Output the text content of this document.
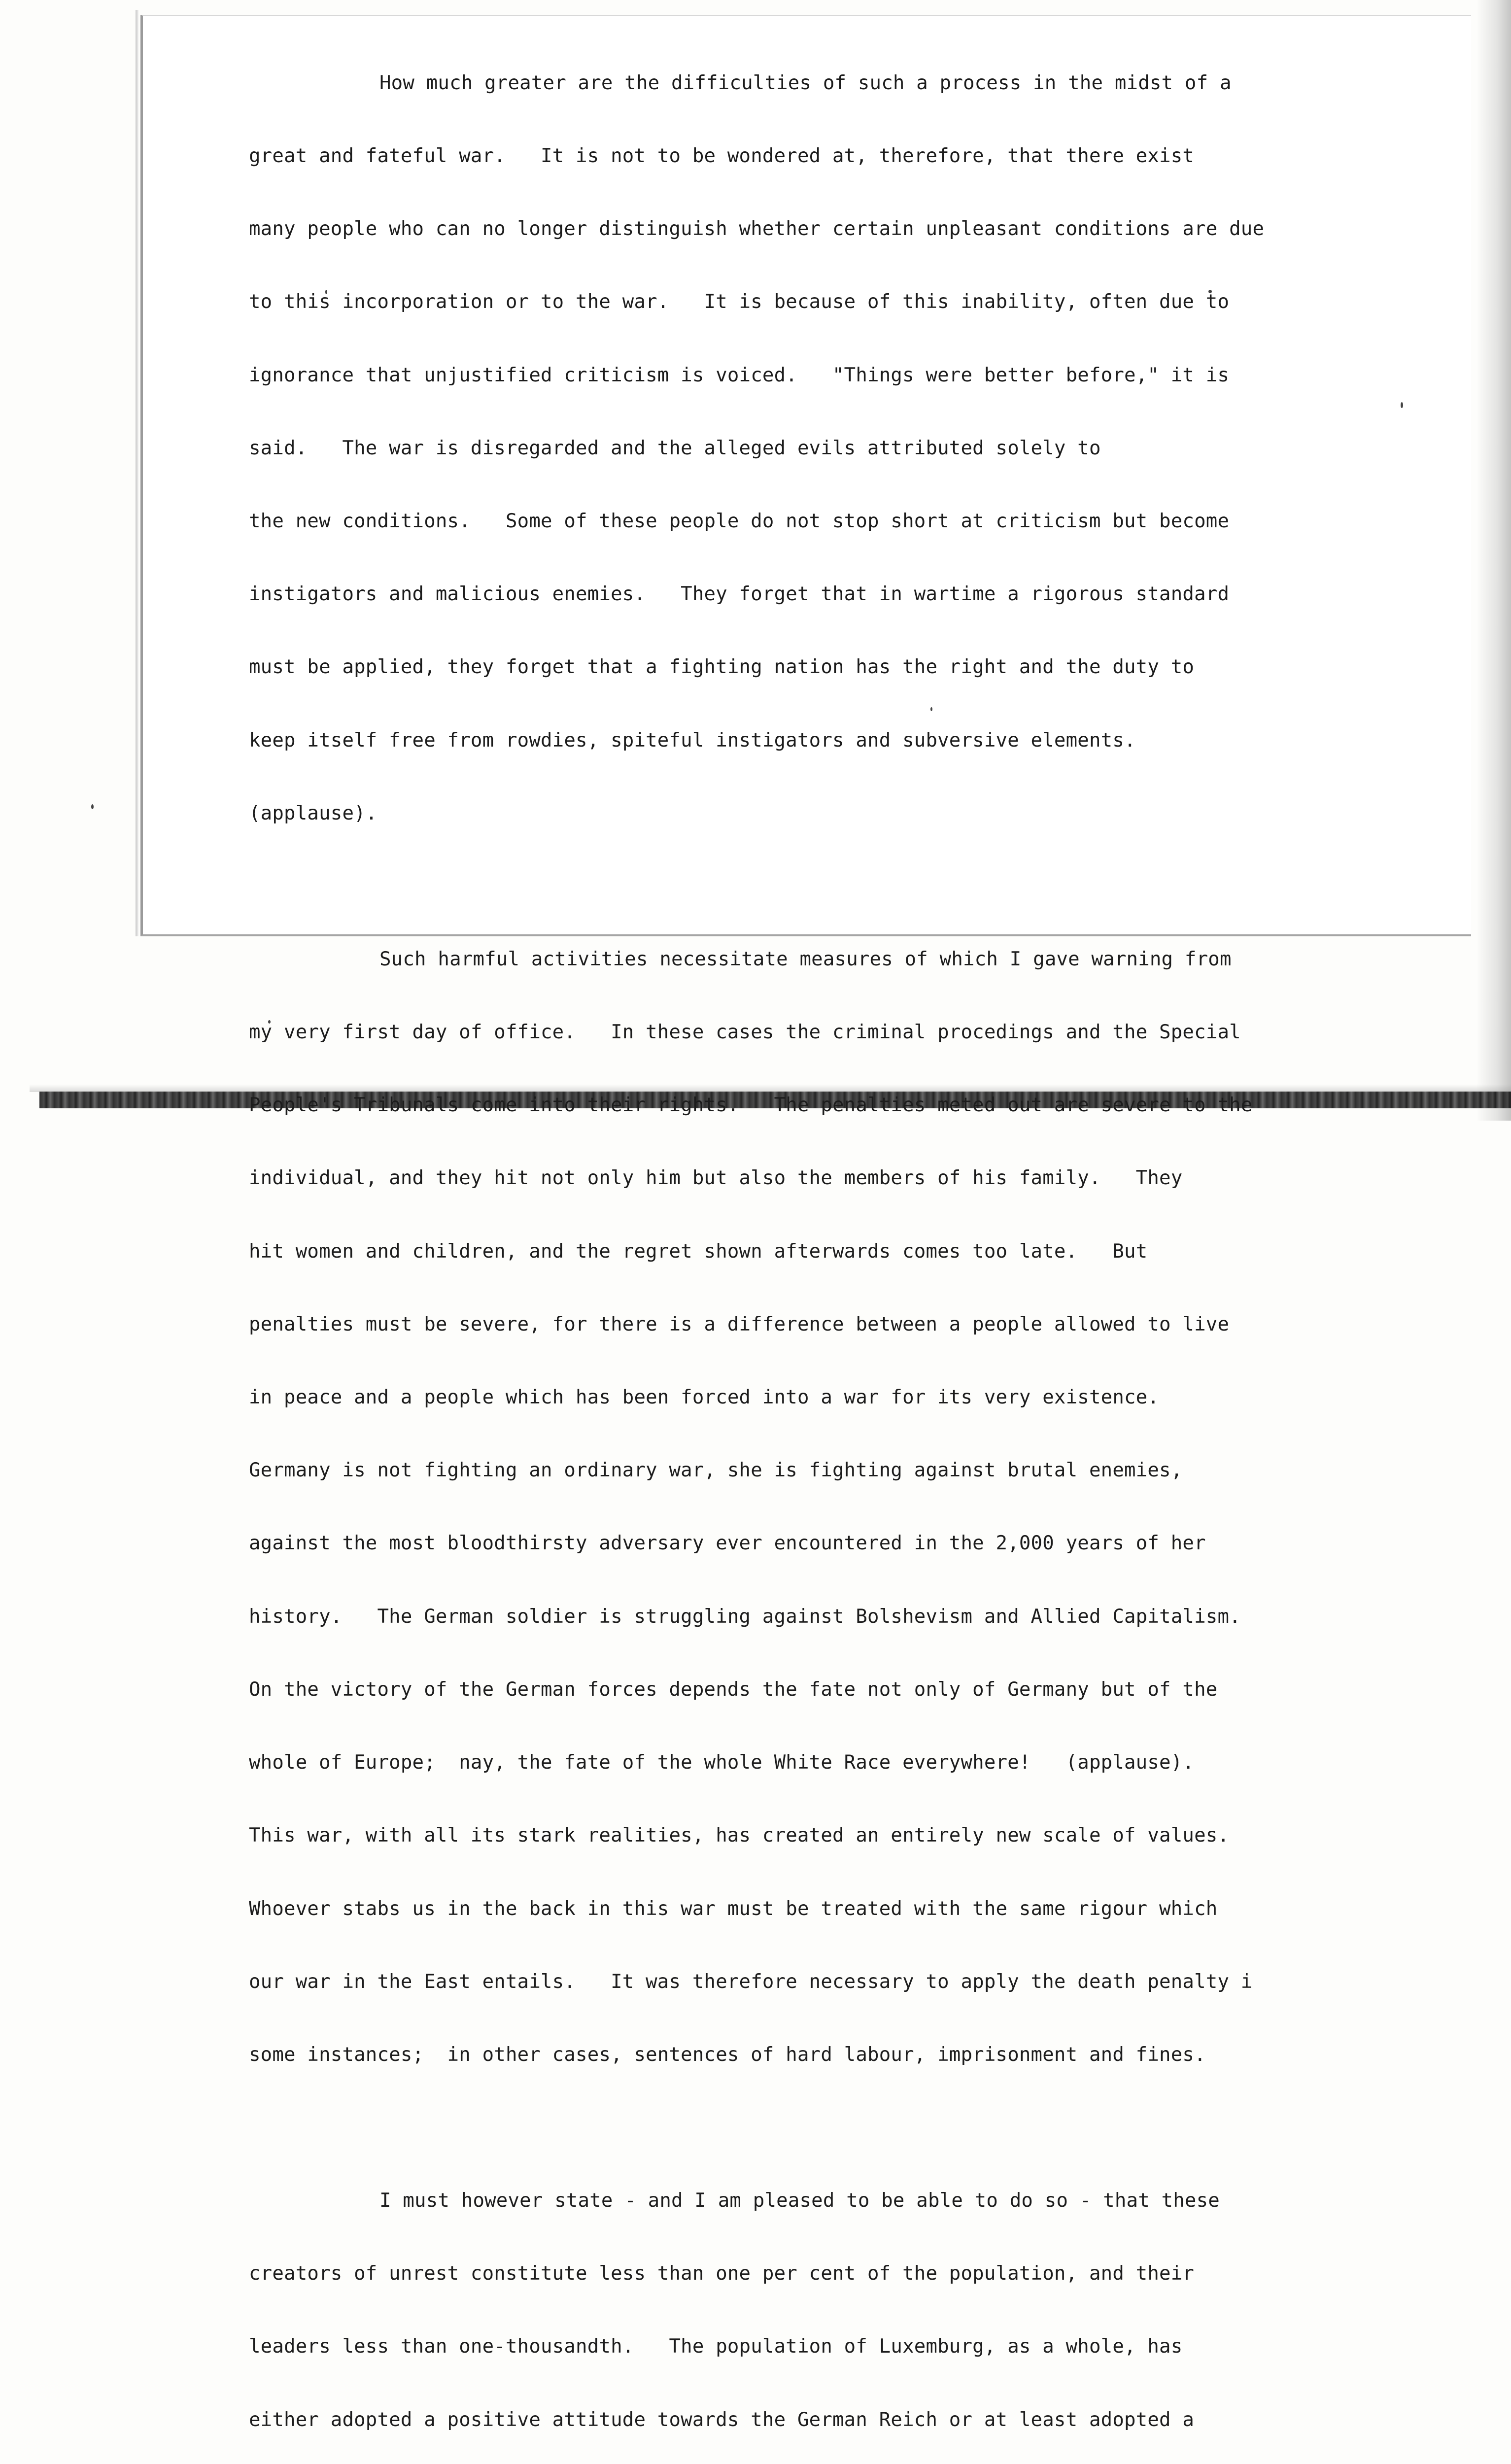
How much greater are the difficulties of such a process in the midst of a

great and fateful war.   It is not to be wondered at, therefore, that there exist

many people who can no longer distinguish whether certain unpleasant conditions are due

to this incorporation or to the war.   It is because of this inability, often due to

ignorance that unjustified criticism is voiced.   "Things were better before," it is

said.   The war is disregarded and the alleged evils attributed solely to

the new conditions.   Some of these people do not stop short at criticism but become

instigators and malicious enemies.   They forget that in wartime a rigorous standard

must be applied, they forget that a fighting nation has the right and the duty to

keep itself free from rowdies, spiteful instigators and subversive elements.

(applause).

Such harmful activities necessitate measures of which I gave warning from

my very first day of office.   In these cases the criminal procedings and the Special

People's Tribunals come into their rights.   The penalties meted out are severe to the

individual, and they hit not only him but also the members of his family.   They

hit women and children, and the regret shown afterwards comes too late.   But

penalties must be severe, for there is a difference between a people allowed to live

in peace and a people which has been forced into a war for its very existence.

Germany is not fighting an ordinary war, she is fighting against brutal enemies,

against the most bloodthirsty adversary ever encountered in the 2,000 years of her

history.   The German soldier is struggling against Bolshevism and Allied Capitalism.

On the victory of the German forces depends the fate not only of Germany but of the

whole of Europe;  nay, the fate of the whole White Race everywhere!   (applause).

This war, with all its stark realities, has created an entirely new scale of values.

Whoever stabs us in the back in this war must be treated with the same rigour which

our war in the East entails.   It was therefore necessary to apply the death penalty i

some instances;  in other cases, sentences of hard labour, imprisonment and fines.

I must however state - and I am pleased to be able to do so - that these

creators of unrest constitute less than one per cent of the population, and their

leaders less than one-thousandth.   The population of Luxemburg, as a whole, has

either adopted a positive attitude towards the German Reich or at least adopted a
